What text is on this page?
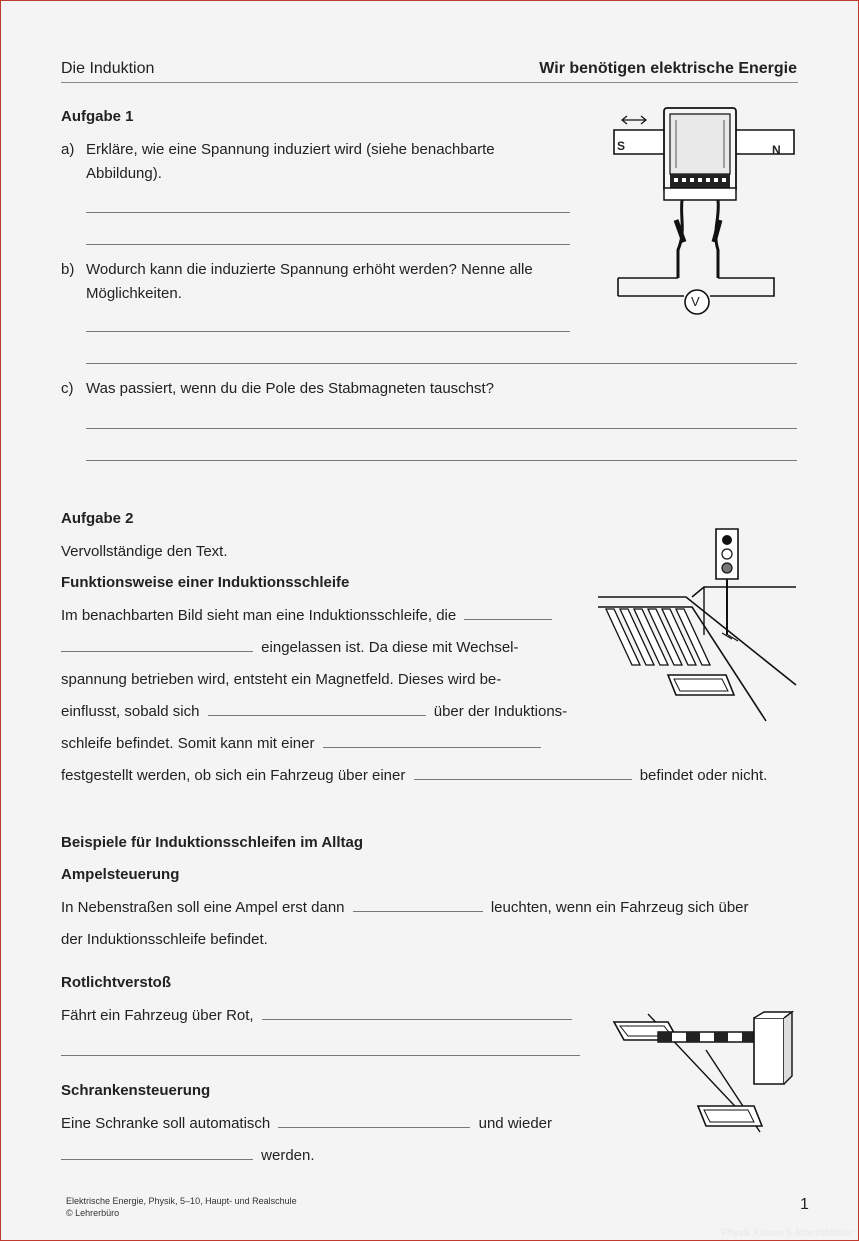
Die Induktion	Wir benötigen elektrische Energie
Aufgabe 1
a) Erkläre, wie eine Spannung induziert wird (siehe benachbarte
Abbildung).
b) Wodurch kann die induzierte Spannung erhöht werden? Nenne alle
Möglichkeiten.
c) Was passiert, wenn du die Pole des Stabmagneten tauschst?
S	N
V
Aufgabe 2
Vervollständige den Text.
Funktionsweise einer Induktionsschleife
Im benachbarten Bild sieht man eine Induktionsschleife, die
eingelassen ist. Da diese mit Wechsel-
spannung betrieben wird, entsteht ein Magnetfeld. Dieses wird be-
einflusst, sobald sich	über der Induktions-
schleife befindet. Somit kann mit einer
festgestellt werden, ob sich ein Fahrzeug über einer	befindet oder nicht.
Beispiele für Induktionsschleifen im Alltag
Ampelsteuerung
In Nebenstraßen soll eine Ampel erst dann	leuchten, wenn ein Fahrzeug sich über
der Induktionsschleife befindet.
Rotlichtverstoß
Fährt ein Fahrzeug über Rot,
Schrankensteuerung
Eine Schranke soll automatisch	und wieder
werden.
Elektrische Energie, Physik, 5–10, Haupt- und Realschule
© Lehrerbüro	1
Physik Klasse 5 Arbeitsblätter
